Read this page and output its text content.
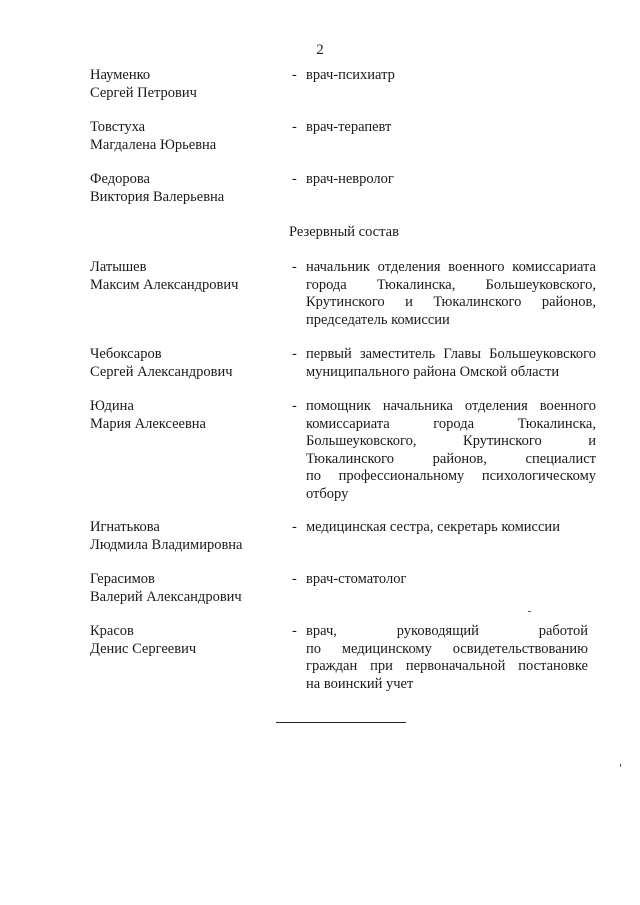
2

Науменко
Сергей Петрович
- врач-психиатр
Товстуха
Магдалена Юрьевна
- врач-терапевт
Федорова
Виктория Валерьевна
- врач-невролог
Резервный состав
Латышев
Максим Александрович
- начальник отделения военного комиссариата
города Тюкалинска, Большеуковского,
Крутинского и Тюкалинского районов,
председатель комиссии
Чебоксаров
Сергей Александрович
- первый заместитель Главы Большеуковского
муниципального района Омской области
Юдина
Мария Алексеевна
- помощник начальника отделения военного
комиссариата города Тюкалинска,
Большеуковского, Крутинского и
Тюкалинского районов, специалист
по профессиональному психологическому
отбору
Игнатькова
Людмила Владимировна
- медицинская сестра, секретарь комиссии
Герасимов
Валерий Александрович
- врач-стоматолог
Красов
Денис Сергеевич
- врач, руководящий работой
по медицинскому освидетельствованию
граждан при первоначальной постановке
на воинский учет
